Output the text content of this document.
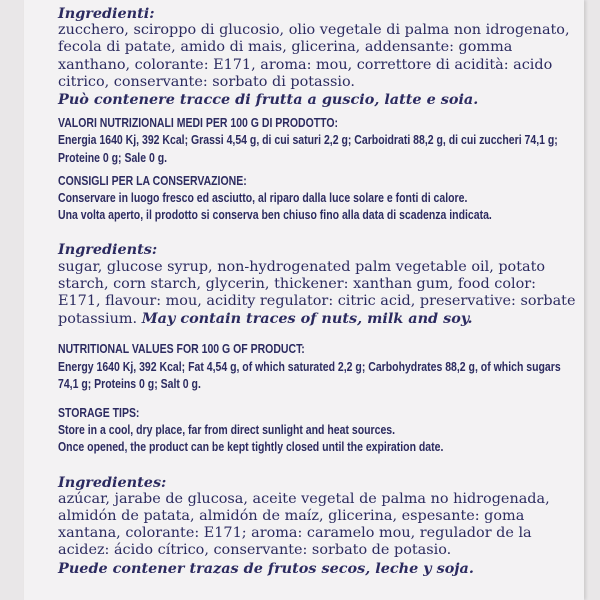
Ingredienti:

zucchero, sciroppo di glucosio, olio vegetale di palma non idrogenato,

fecola di patate, amido di mais, glicerina, addensante: gomma

xanthano, colorante: E171, aroma: mou, correttore di acidità: acido

citrico, conservante: sorbato di potassio.

Può contenere tracce di frutta a guscio, latte e soia.

VALORI NUTRIZIONALI MEDI PER 100 G DI PRODOTTO:

Energia 1640 Kj, 392 Kcal; Grassi 4,54 g, di cui saturi 2,2 g; Carboidrati 88,2 g, di cui zuccheri 74,1 g;

Proteine 0 g; Sale 0 g.

CONSIGLI PER LA CONSERVAZIONE:

Conservare in luogo fresco ed asciutto, al riparo dalla luce solare e fonti di calore.

Una volta aperto, il prodotto si conserva ben chiuso fino alla data di scadenza indicata.

Ingredients:

sugar, glucose syrup, non-hydrogenated palm vegetable oil, potato

starch, corn starch, glycerin, thickener: xanthan gum, food color:

E171, flavour: mou, acidity regulator: citric acid, preservative: sorbate

potassium. May contain traces of nuts, milk and soy.

NUTRITIONAL VALUES FOR 100 G OF PRODUCT:

Energy 1640 Kj, 392 Kcal; Fat 4,54 g, of which saturated 2,2 g; Carbohydrates 88,2 g, of which sugars

74,1 g; Proteins 0 g; Salt 0 g.

STORAGE TIPS:

Store in a cool, dry place, far from direct sunlight and heat sources.

Once opened, the product can be kept tightly closed until the expiration date.

Ingredientes:

azúcar, jarabe de glucosa, aceite vegetal de palma no hidrogenada,

almidón de patata, almidón de maíz, glicerina, espesante: goma

xantana, colorante: E171; aroma: caramelo mou, regulador de la

acidez: ácido cítrico, conservante: sorbato de potasio.

Puede contener trazas de frutos secos, leche y soja.
